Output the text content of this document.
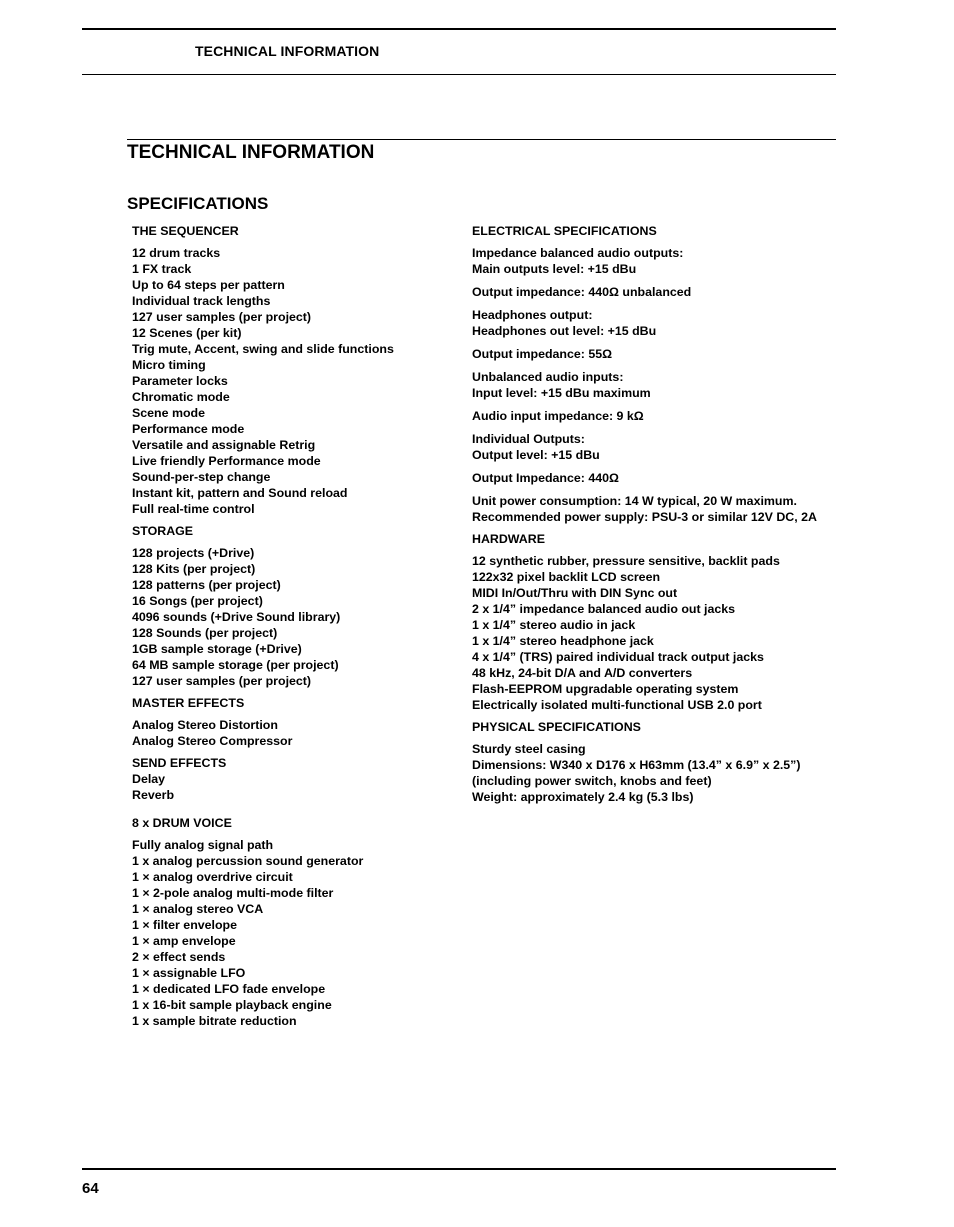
TECHNICAL INFORMATION
TECHNICAL INFORMATION
SPECIFICATIONS
THE SEQUENCER
12 drum tracks
1 FX track
Up to 64 steps per pattern
Individual track lengths
127 user samples (per project)
12 Scenes (per kit)
Trig mute, Accent, swing and slide functions
Micro timing
Parameter locks
Chromatic mode
Scene mode
Performance mode
Versatile and assignable Retrig
Live friendly Performance mode
Sound-per-step change
Instant kit, pattern and Sound reload
Full real-time control
STORAGE
128 projects (+Drive)
128 Kits (per project)
128 patterns (per project)
16 Songs (per project)
4096 sounds (+Drive Sound library)
128 Sounds (per project)
1GB sample storage (+Drive)
64 MB sample storage (per project)
127 user samples (per project)
MASTER EFFECTS
Analog Stereo Distortion
Analog Stereo Compressor
SEND EFFECTS
Delay
Reverb
8 x DRUM VOICE
Fully analog signal path
1 x analog percussion sound generator
1 × analog overdrive circuit
1 × 2-pole analog multi-mode filter
1 × analog stereo VCA
1 × filter envelope
1 × amp envelope
2 × effect sends
1 × assignable LFO
1 × dedicated LFO fade envelope
1 x 16-bit sample playback engine
1 x sample bitrate reduction
ELECTRICAL SPECIFICATIONS
Impedance balanced audio outputs:
Main outputs level: +15 dBu
Output impedance: 440Ω unbalanced
Headphones output:
Headphones out level: +15 dBu
Output impedance: 55Ω
Unbalanced audio inputs:
Input level: +15 dBu maximum
Audio input impedance: 9 kΩ
Individual Outputs:
Output level: +15 dBu
Output Impedance: 440Ω
Unit power consumption: 14 W typical, 20 W maximum.
Recommended power supply: PSU-3 or similar 12V DC, 2A
HARDWARE
12 synthetic rubber, pressure sensitive, backlit pads
122x32 pixel backlit LCD screen
MIDI In/Out/Thru with DIN Sync out
2 x 1/4” impedance balanced audio out jacks
1 x 1/4” stereo audio in jack
1 x 1/4” stereo headphone jack
4 x 1/4” (TRS) paired individual track output jacks
48 kHz, 24-bit D/A and A/D converters
Flash-EEPROM upgradable operating system
Electrically isolated multi-functional USB 2.0 port
PHYSICAL SPECIFICATIONS
Sturdy steel casing
Dimensions: W340 x D176 x H63mm (13.4” x 6.9” x 2.5”)
(including power switch, knobs and feet)
Weight: approximately 2.4 kg (5.3 lbs)
64
